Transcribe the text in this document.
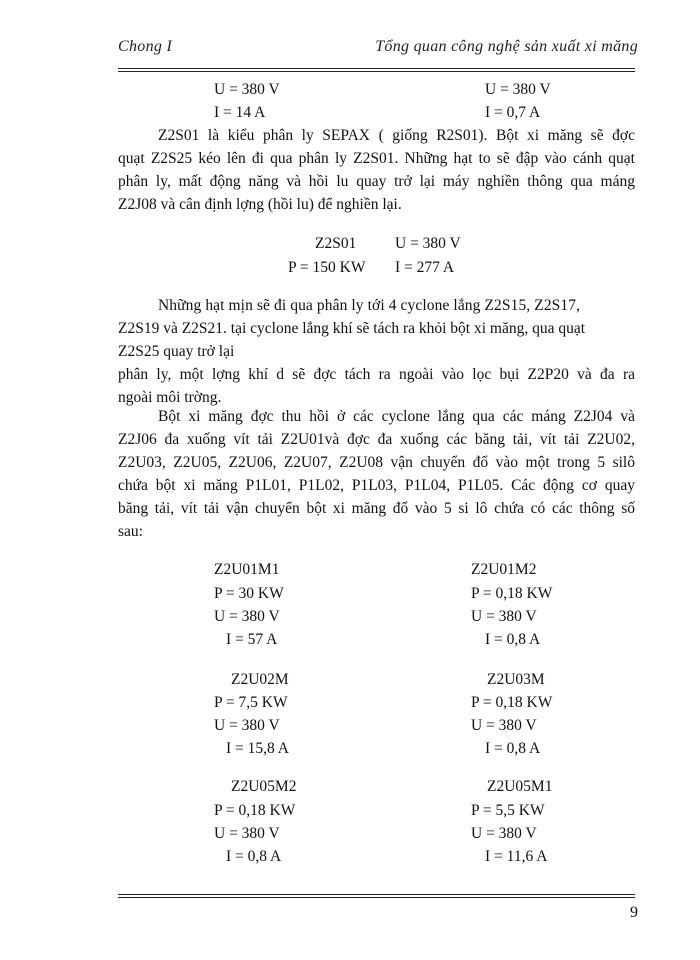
Chong I	Tổng quan công nghệ sản xuất xi măng
U = 380 V
I = 14 A
U = 380 V
I = 0,7 A
Z2S01 là kiểu phân ly SEPAX ( giống R2S01). Bột xi măng sẽ đợc
quạt Z2S25 kéo lên đi qua phân ly Z2S01. Những hạt to sẽ đập vào cánh quạt
phân ly, mất động năng và hồi lu quay trở lại máy nghiền thông qua máng
Z2J08 và cân định lợng (hồi lu) để nghiền lại.
Z2S01 U = 380 V
P = 150 KW I = 277 A
Những hạt mịn sẽ đi qua phân ly tới 4 cyclone lắng Z2S15, Z2S17,
Z2S19 và Z2S21. tại cyclone lắng khí sẽ tách ra khỏi bột xi măng, qua quạt
Z2S25 quay trở lại
phân ly, một lợng khí d sẽ đợc tách ra ngoài vào lọc bụi Z2P20 và đa ra
ngoài môi trờng.
Bột xi măng đợc thu hồi ở các cyclone lắng qua các máng Z2J04 và
Z2J06 đa xuống vít tải Z2U01và đợc đa xuống các băng tải, vít tải Z2U02,
Z2U03, Z2U05, Z2U06, Z2U07, Z2U08 vận chuyển đổ vào một trong 5 silô
chứa bột xi măng P1L01, P1L02, P1L03, P1L04, P1L05. Các động cơ quay
băng tải, vít tải vận chuyển bột xi măng đổ vào 5 si lô chứa có các thông số
sau:
Z2U01M1
P = 30 KW
U = 380 V
I = 57 A
Z2U02M
P = 7,5 KW
U = 380 V
I = 15,8 A
Z2U05M2
P = 0,18 KW
U = 380 V
I = 0,8 A
Z2U01M2
P = 0,18 KW
U = 380 V
I = 0,8 A
Z2U03M
P = 0,18 KW
U = 380 V
I = 0,8 A
Z2U05M1
P = 5,5 KW
U = 380 V
I = 11,6 A
9
